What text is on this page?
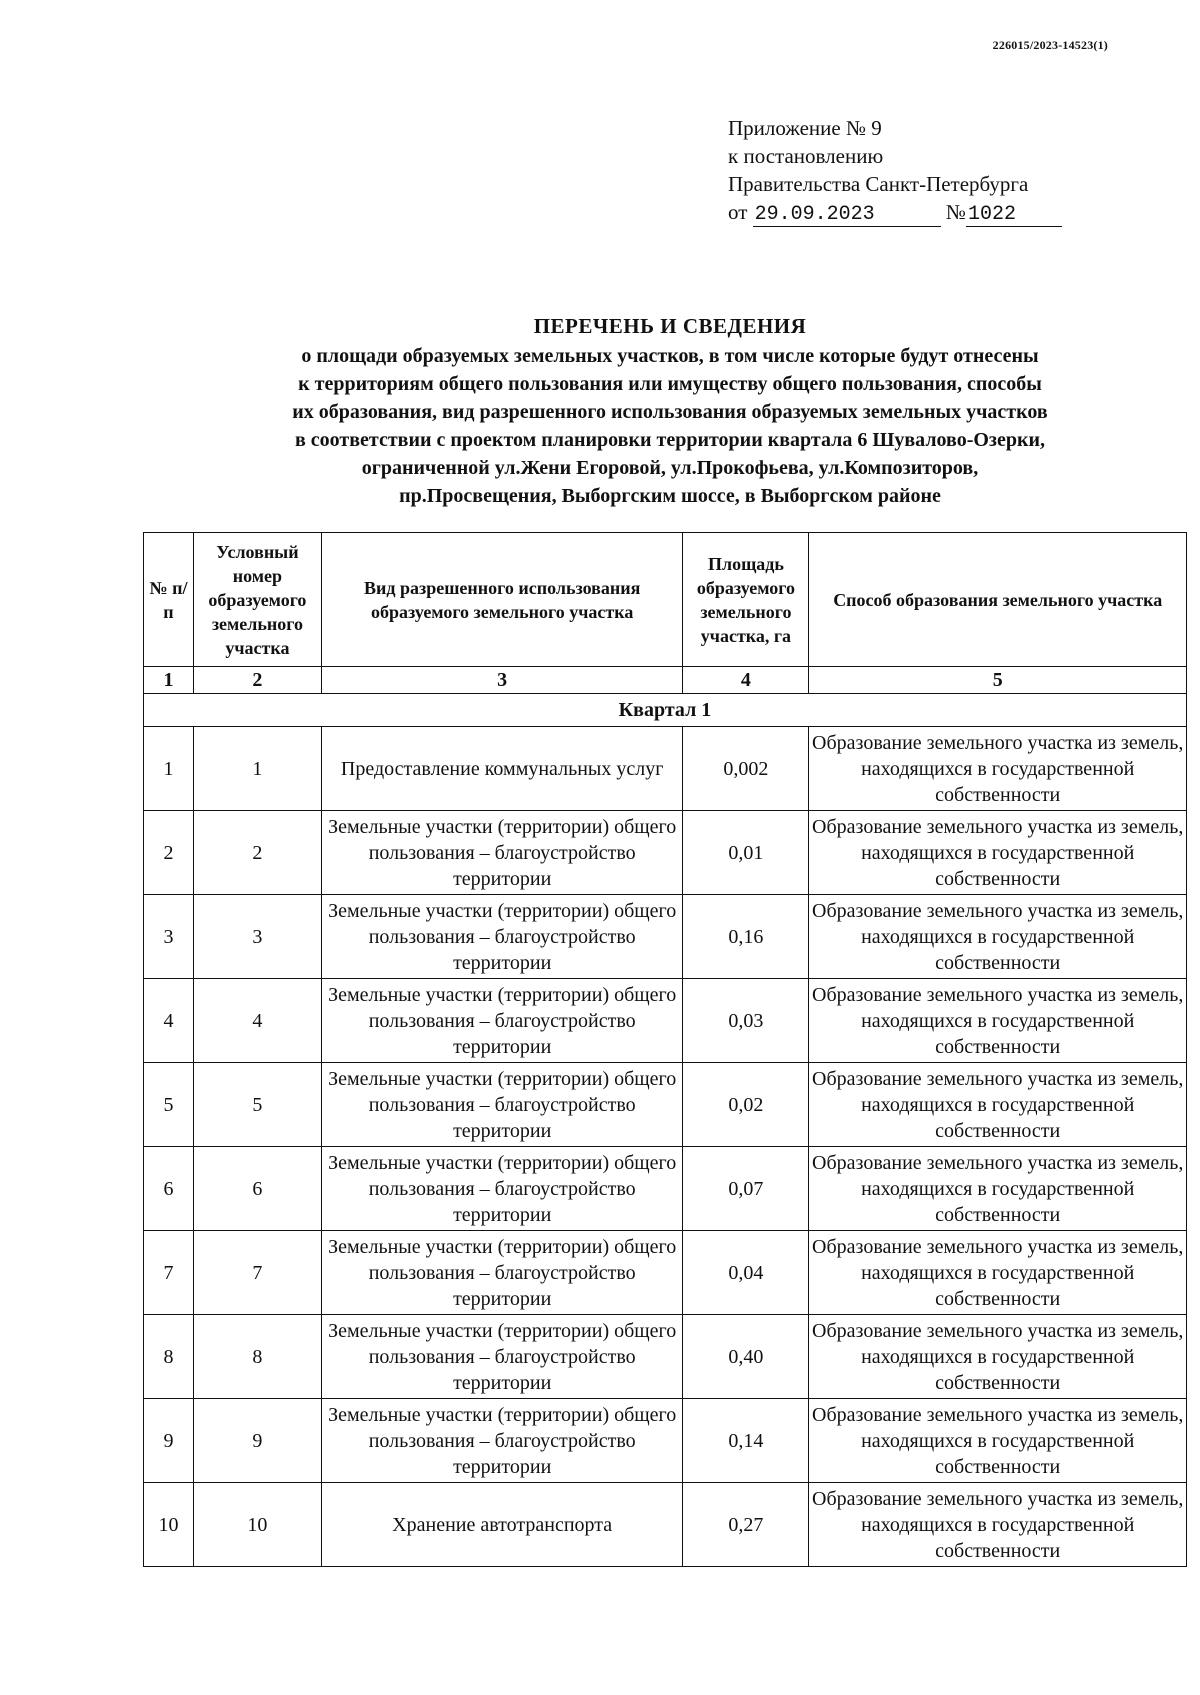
226015/2023-14523(1)
Приложение № 9
к постановлению
Правительства Санкт-Петербурга
от 29.09.2023	№ 1022
ПЕРЕЧЕНЬ И СВЕДЕНИЯ
о площади образуемых земельных участков, в том числе которые будут отнесены
к территориям общего пользования или имуществу общего пользования, способы
их образования, вид разрешенного использования образуемых земельных участков
в соответствии с проектом планировки территории квартала 6 Шувалово-Озерки,
ограниченной ул.Жени Егоровой, ул.Прокофьева, ул.Композиторов,
пр.Просвещения, Выборгским шоссе, в Выборгском районе
№ п/п	Условный номер образуемого земельного участка	Вид разрешенного использования образуемого земельного участка	Площадь образуемого земельного участка, га	Способ образования земельного участка
1	2	3	4	5
Квартал 1				
1	1	Предоставление коммунальных услуг	0,002	Образование земельного участка из земель, находящихся в государственной собственности
2	2	Земельные участки (территории) общего пользования – благоустройство территории	0,01	Образование земельного участка из земель, находящихся в государственной собственности
3	3	Земельные участки (территории) общего пользования – благоустройство территории	0,16	Образование земельного участка из земель, находящихся в государственной собственности
4	4	Земельные участки (территории) общего пользования – благоустройство территории	0,03	Образование земельного участка из земель, находящихся в государственной собственности
5	5	Земельные участки (территории) общего пользования – благоустройство территории	0,02	Образование земельного участка из земель, находящихся в государственной собственности
6	6	Земельные участки (территории) общего пользования – благоустройство территории	0,07	Образование земельного участка из земель, находящихся в государственной собственности
7	7	Земельные участки (территории) общего пользования – благоустройство территории	0,04	Образование земельного участка из земель, находящихся в государственной собственности
8	8	Земельные участки (территории) общего пользования – благоустройство территории	0,40	Образование земельного участка из земель, находящихся в государственной собственности
9	9	Земельные участки (территории) общего пользования – благоустройство территории	0,14	Образование земельного участка из земель, находящихся в государственной собственности
10	10	Хранение автотранспорта	0,27	Образование земельного участка из земель, находящихся в государственной собственности
